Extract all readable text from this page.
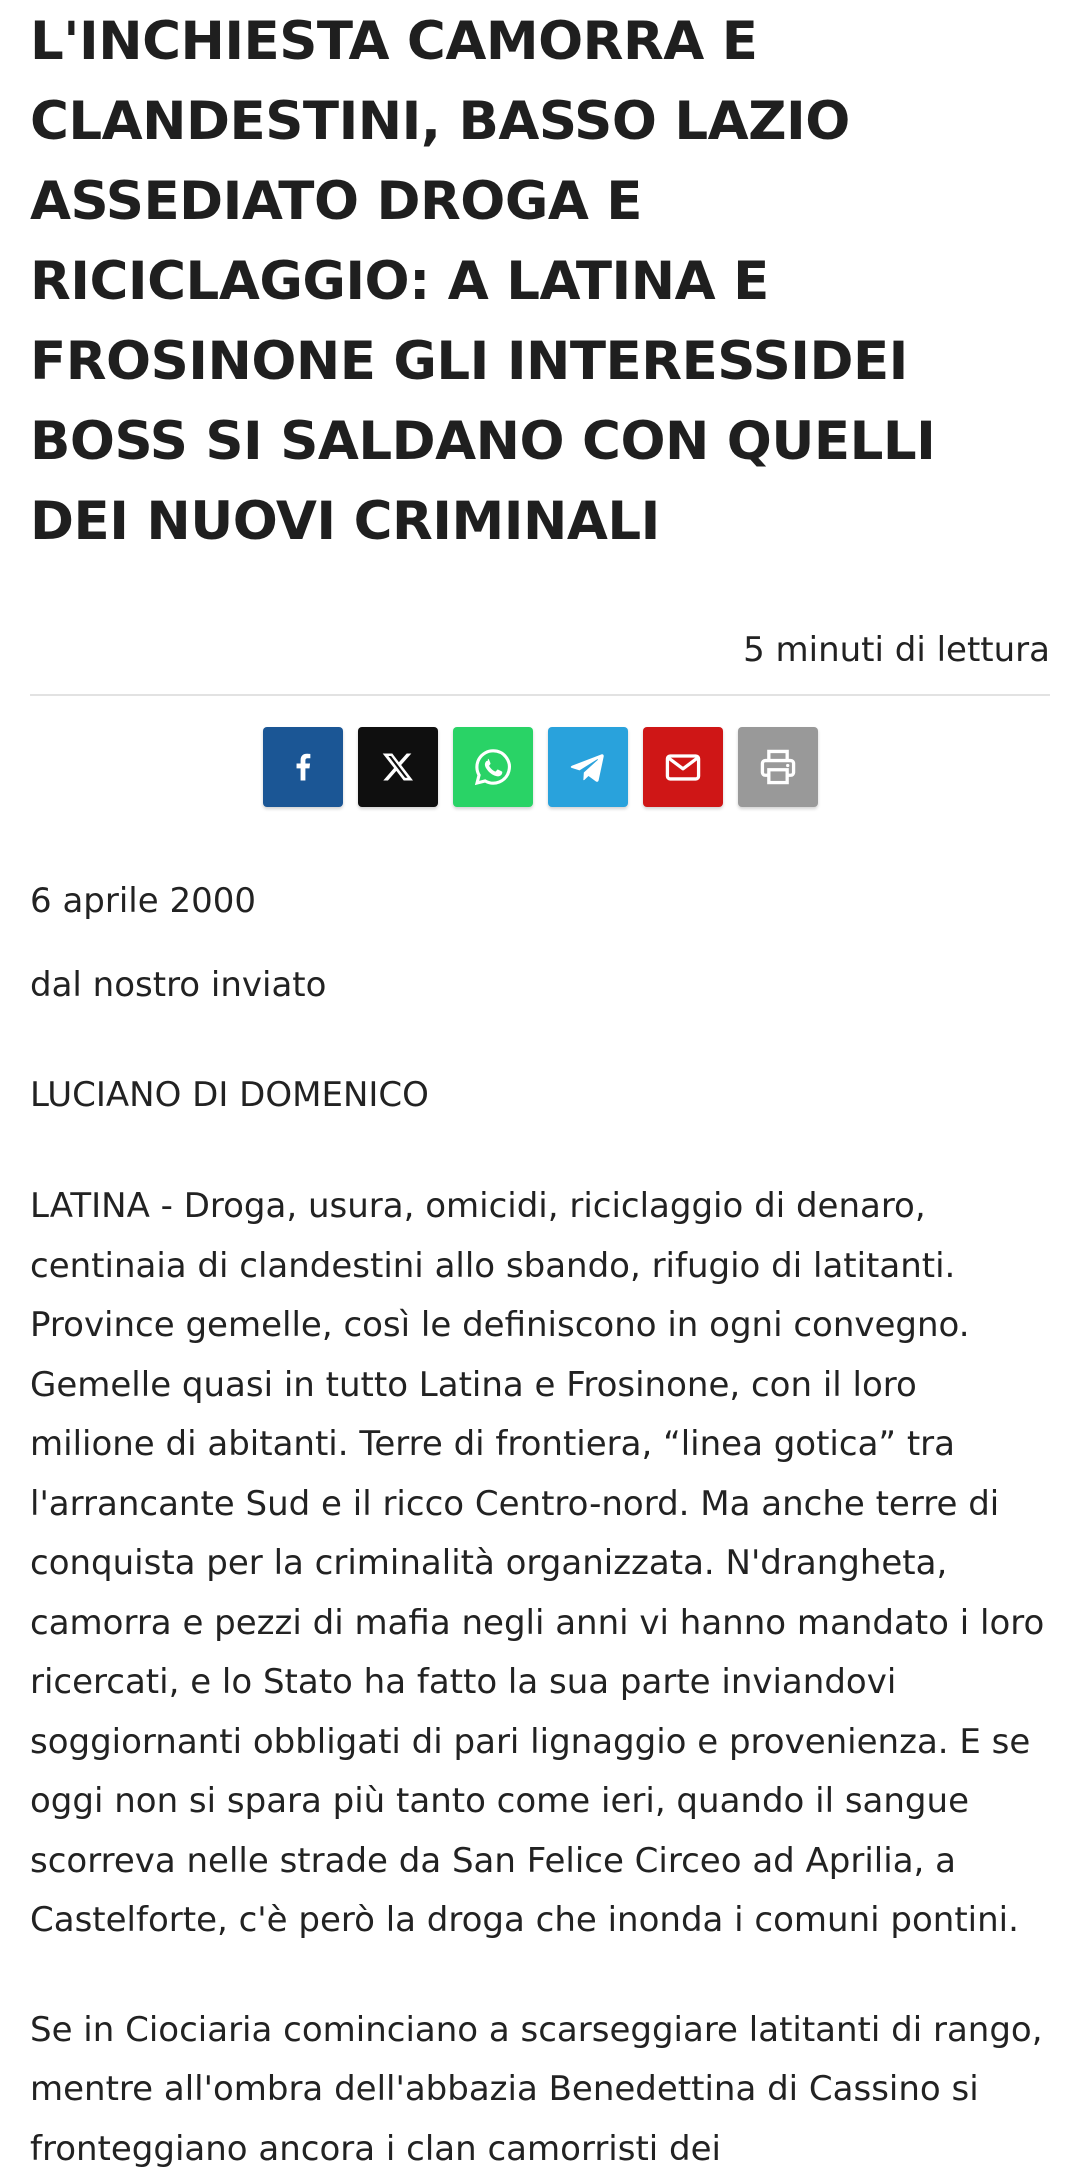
L'INCHIESTA CAMORRA E CLANDESTINI, BASSO LAZIO ASSEDIATO DROGA E RICICLAGGIO: A LATINA E FROSINONE GLI INTERESSIDEI BOSS SI SALDANO CON QUELLI DEI NUOVI CRIMINALI
5 minuti di lettura
6 aprile 2000
dal nostro inviato
LUCIANO DI DOMENICO

LATINA - Droga, usura, omicidi, riciclaggio di denaro, centinaia di clandestini allo sbando, rifugio di latitanti. Province gemelle, così le definiscono in ogni convegno. Gemelle quasi in tutto Latina e Frosinone, con il loro milione di abitanti. Terre di frontiera, “linea gotica” tra l'arrancante Sud e il ricco Centro-nord. Ma anche terre di conquista per la criminalità organizzata. N'drangheta, camorra e pezzi di mafia negli anni vi hanno mandato i loro ricercati, e lo Stato ha fatto la sua parte inviandovi soggiornanti obbligati di pari lignaggio e provenienza. E se oggi non si spara più tanto come ieri, quando il sangue scorreva nelle strade da San Felice Circeo ad Aprilia, a Castelforte, c'è però la droga che inonda i comuni pontini.

Se in Ciociaria cominciano a scarseggiare latitanti di rango, mentre all'ombra dell'abbazia Benedettina di Cassino si fronteggiano ancora i clan camorristi dei
